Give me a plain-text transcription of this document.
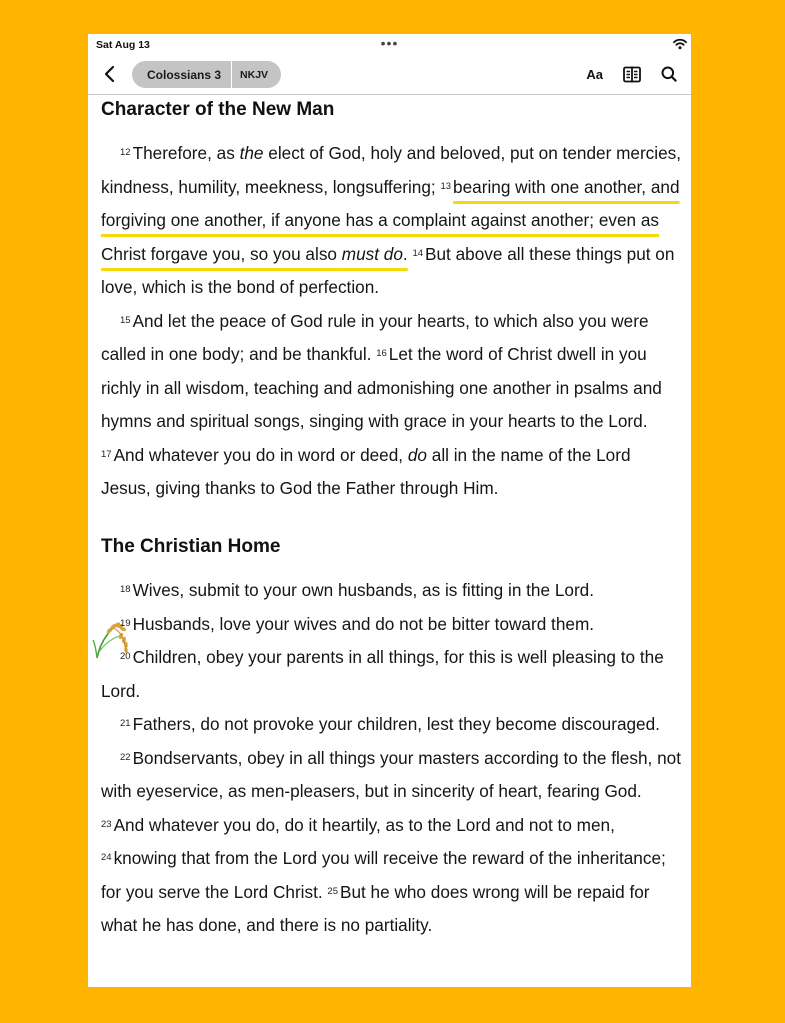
Sat Aug 13	•••
Colossians 3	NKJV	Aa
Character of the New Man

$^{12}$ Therefore, as the elect of God, holy and beloved, put on tender mercies, kindness, humility, meekness, longsuffering; $^{13}$ bearing with one another, and forgiving one another, if anyone has a complaint against another; even as Christ forgave you, so you also must do. $^{14}$ But above all these things put on love, which is the bond of perfection.

$^{15}$ And let the peace of God rule in your hearts, to which also you were called in one body; and be thankful. $^{16}$ Let the word of Christ dwell in you richly in all wisdom, teaching and admonishing one another in psalms and hymns and spiritual songs, singing with grace in your hearts to the Lord. $^{17}$ And whatever you do in word or deed, do all in the name of the Lord Jesus, giving thanks to God the Father through Him.

The Christian Home

$^{18}$ Wives, submit to your own husbands, as is fitting in the Lord.

$^{19}$ Husbands, love your wives and do not be bitter toward them.

$^{20}$ Children, obey your parents in all things, for this is well pleasing to the Lord.

$^{21}$ Fathers, do not provoke your children, lest they become discouraged.

$^{22}$ Bondservants, obey in all things your masters according to the flesh, not with eyeservice, as men-pleasers, but in sincerity of heart, fearing God. $^{23}$ And whatever you do, do it heartily, as to the Lord and not to men, $^{24}$ knowing that from the Lord you will receive the reward of the inheritance; for you serve the Lord Christ. $^{25}$ But he who does wrong will be repaid for what he has done, and there is no partiality.
